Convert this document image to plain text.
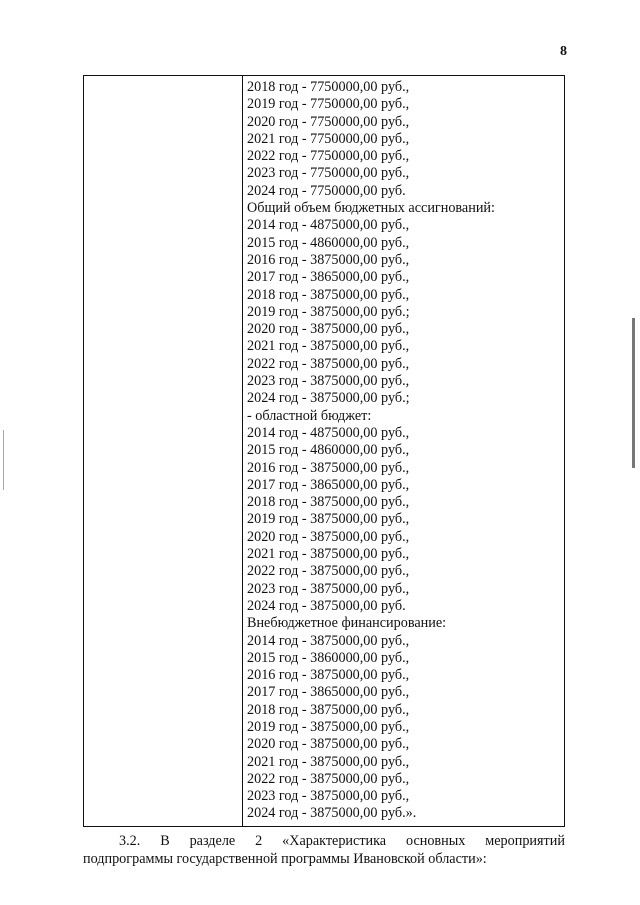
8
2018 год - 7750000,00 руб.,
2019 год - 7750000,00 руб.,
2020 год - 7750000,00 руб.,
2021 год - 7750000,00 руб.,
2022 год - 7750000,00 руб.,
2023 год - 7750000,00 руб.,
2024 год - 7750000,00 руб.
Общий объем бюджетных ассигнований:
2014 год - 4875000,00 руб.,
2015 год - 4860000,00 руб.,
2016 год - 3875000,00 руб.,
2017 год - 3865000,00 руб.,
2018 год - 3875000,00 руб.,
2019 год - 3875000,00 руб.;
2020 год - 3875000,00 руб.,
2021 год - 3875000,00 руб.,
2022 год - 3875000,00 руб.,
2023 год - 3875000,00 руб.,
2024 год - 3875000,00 руб.;
- областной бюджет:
2014 год - 4875000,00 руб.,
2015 год - 4860000,00 руб.,
2016 год - 3875000,00 руб.,
2017 год - 3865000,00 руб.,
2018 год - 3875000,00 руб.,
2019 год - 3875000,00 руб.,
2020 год - 3875000,00 руб.,
2021 год - 3875000,00 руб.,
2022 год - 3875000,00 руб.,
2023 год - 3875000,00 руб.,
2024 год - 3875000,00 руб.
Внебюджетное финансирование:
2014 год - 3875000,00 руб.,
2015 год - 3860000,00 руб.,
2016 год - 3875000,00 руб.,
2017 год - 3865000,00 руб.,
2018 год - 3875000,00 руб.,
2019 год - 3875000,00 руб.,
2020 год - 3875000,00 руб.,
2021 год - 3875000,00 руб.,
2022 год - 3875000,00 руб.,
2023 год - 3875000,00 руб.,
2024 год - 3875000,00 руб.».
3.2. В разделе 2 «Характеристика основных мероприятий
подпрограммы государственной программы Ивановской области»:
